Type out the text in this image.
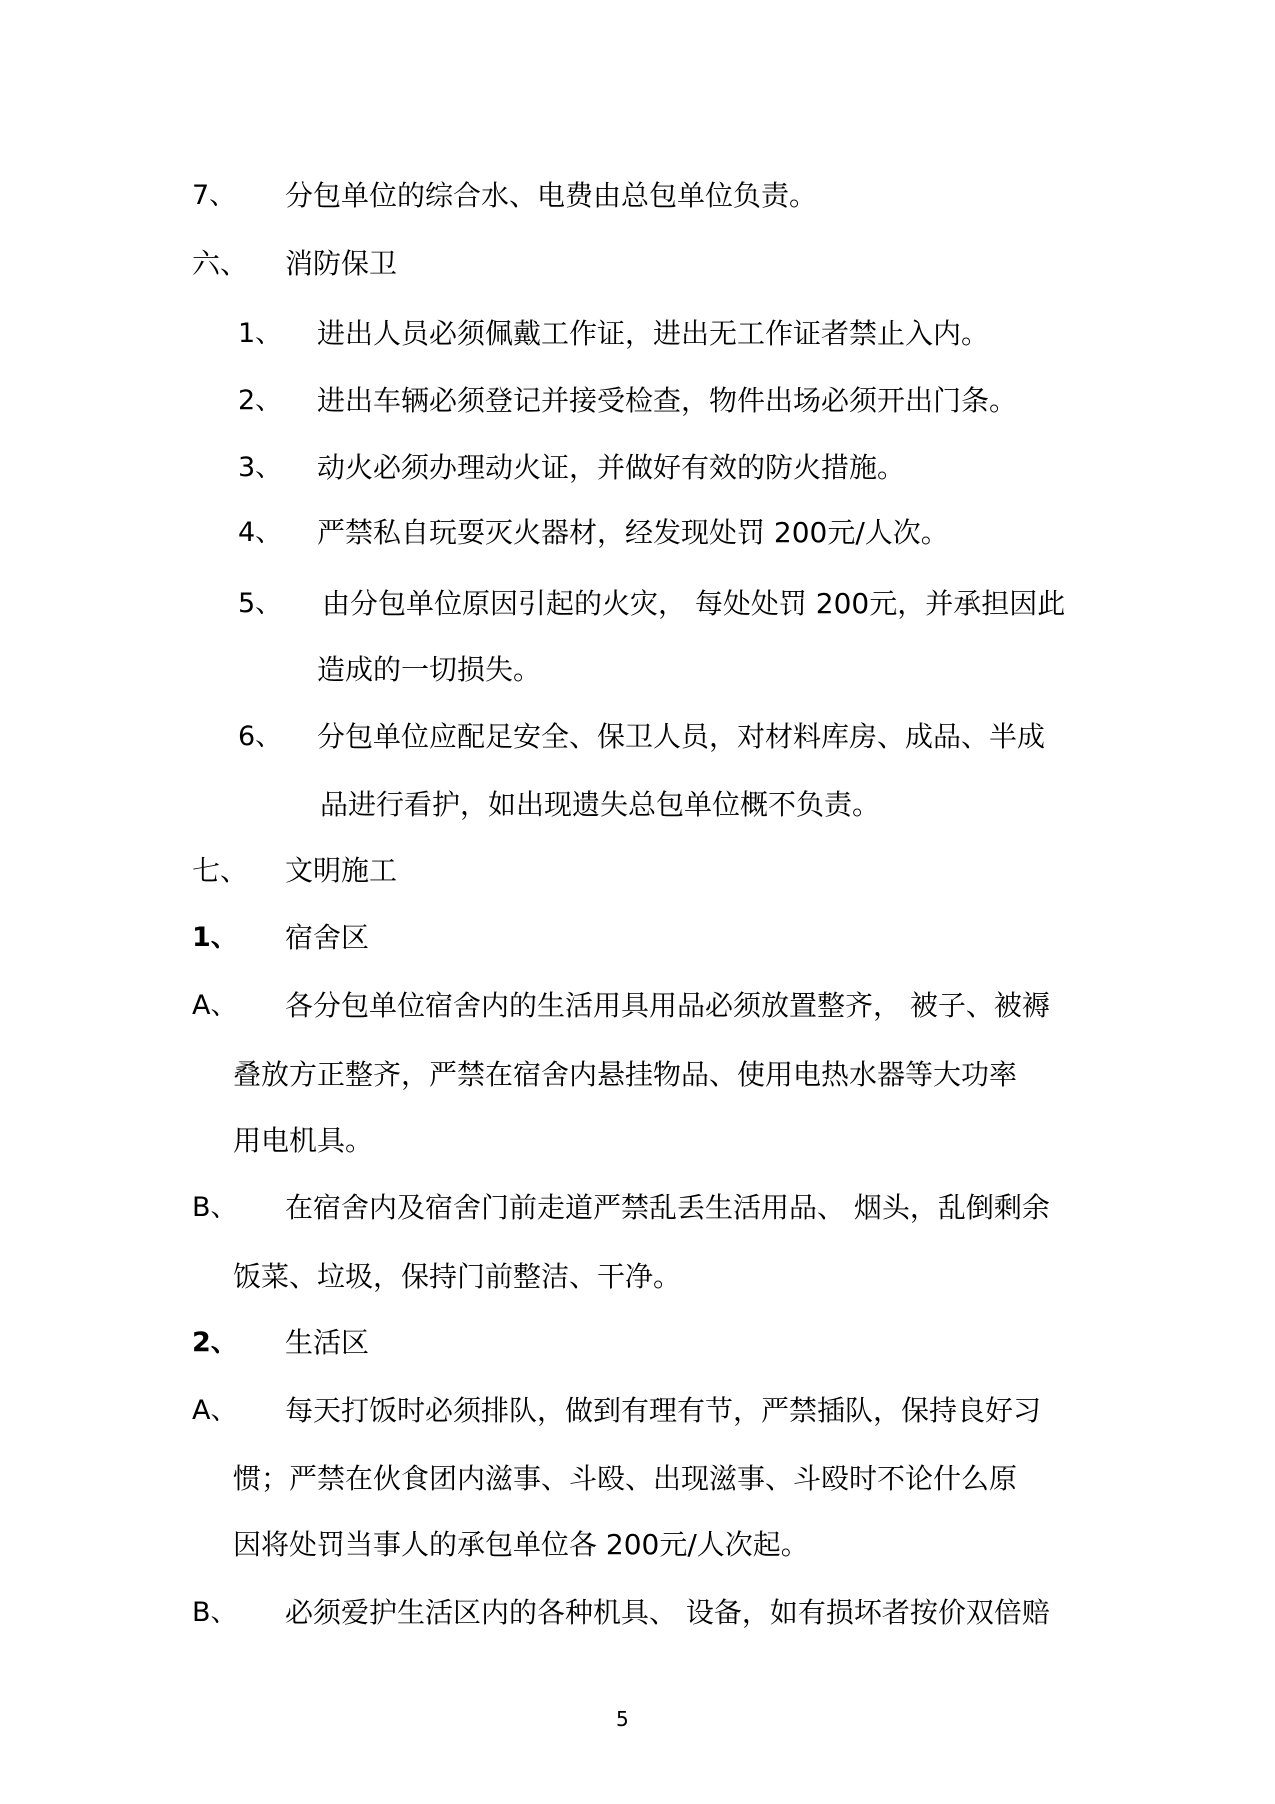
7、 分包单位的综合水、电费由总包单位负责。
六、 消防保卫
1、 进出人员必须佩戴工作证，进出无工作证者禁止入内。
2、 进出车辆必须登记并接受检查，物件出场必须开出门条。
3、 动火必须办理动火证，并做好有效的防火措施。
4、 严禁私自玩耍灭火器材，经发现处罚 200元/人次。
5、 由分包单位原因引起的火灾， 每处处罚 200元，并承担因此
造成的一切损失。
6、 分包单位应配足安全、保卫人员，对材料库房、成品、半成
品进行看护，如出现遗失总包单位概不负责。
七、 文明施工
1、 宿舍区
A、 各分包单位宿舍内的生活用具用品必须放置整齐， 被子、被褥
叠放方正整齐，严禁在宿舍内悬挂物品、使用电热水器等大功率
用电机具。
B、 在宿舍内及宿舍门前走道严禁乱丢生活用品、 烟头，乱倒剩余
饭菜、垃圾，保持门前整洁、干净。
2、 生活区
A、 每天打饭时必须排队，做到有理有节，严禁插队，保持良好习
惯；严禁在伙食团内滋事、斗殴、出现滋事、斗殴时不论什么原
因将处罚当事人的承包单位各 200元/人次起。
B、 必须爱护生活区内的各种机具、 设备，如有损坏者按价双倍赔
5
